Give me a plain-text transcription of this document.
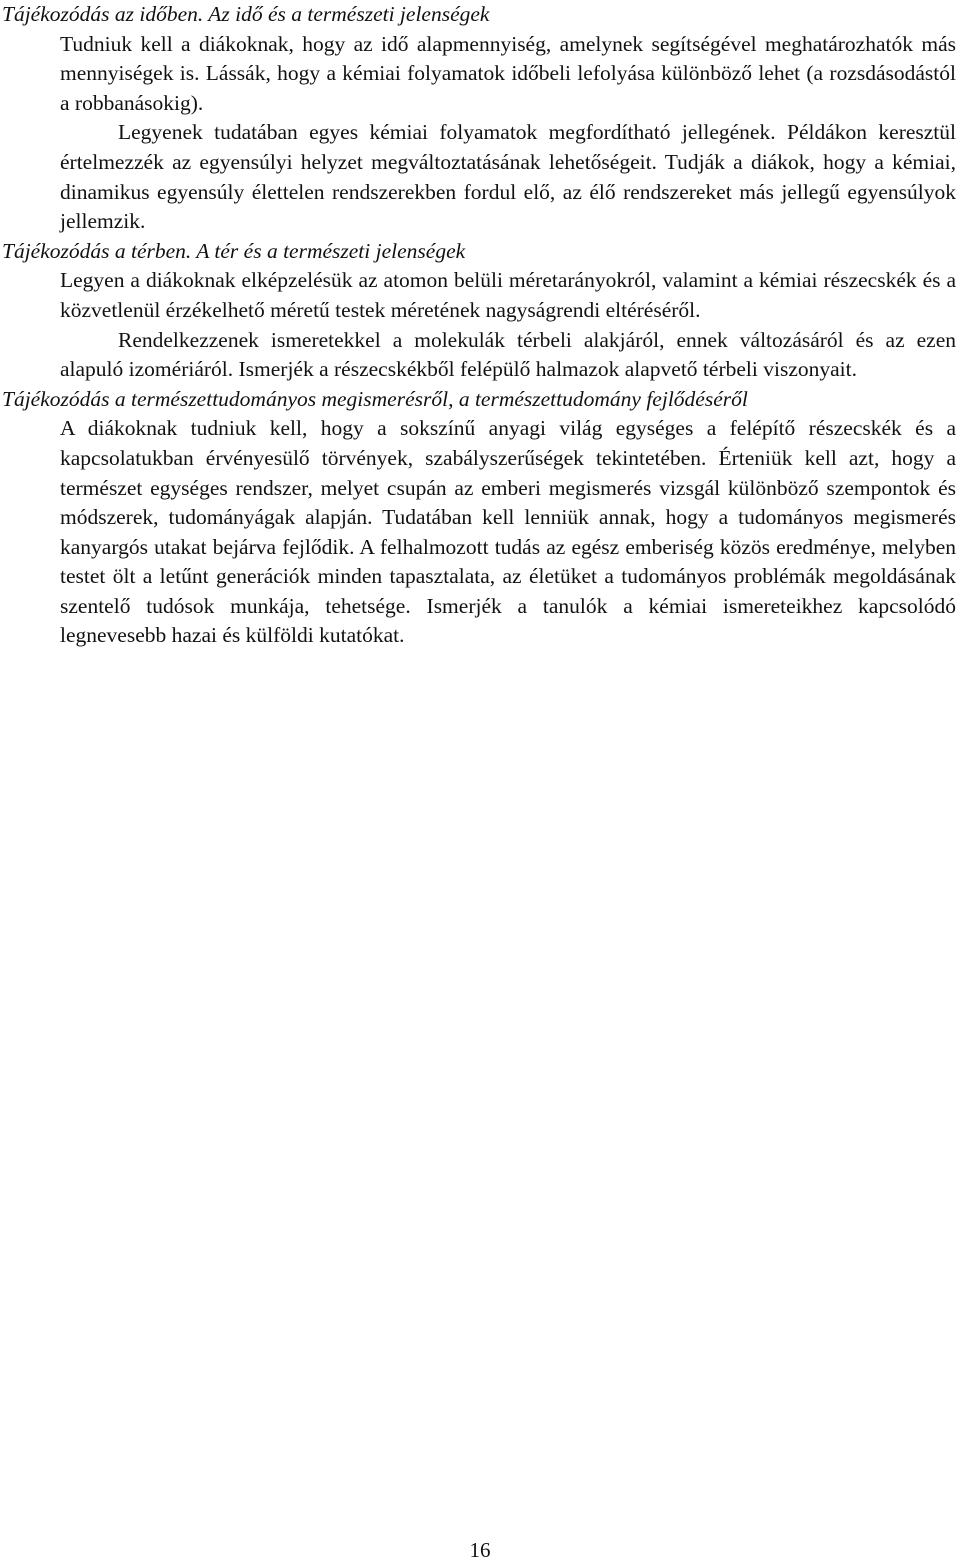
Tájékozódás az időben. Az idő és a természeti jelenségek

Tudniuk kell a diákoknak, hogy az idő alapmennyiség, amelynek segítségével meghatározhatók más mennyiségek is. Lássák, hogy a kémiai folyamatok időbeli lefolyása különböző lehet (a rozsdásodástól a robbanásokig).

Legyenek tudatában egyes kémiai folyamatok megfordítható jellegének. Példákon keresztül értelmezzék az egyensúlyi helyzet megváltoztatásának lehetőségeit. Tudják a diákok, hogy a kémiai, dinamikus egyensúly élettelen rendszerekben fordul elő, az élő rendszereket más jellegű egyensúlyok jellemzik.

Tájékozódás a térben. A tér és a természeti jelenségek

Legyen a diákoknak elképzelésük az atomon belüli méretarányokról, valamint a kémiai részecskék és a közvetlenül érzékelhető méretű testek méretének nagyságrendi eltéréséről.

Rendelkezzenek ismeretekkel a molekulák térbeli alakjáról, ennek változásáról és az ezen alapuló izomériáról. Ismerjék a részecskékből felépülő halmazok alapvető térbeli viszonyait.

Tájékozódás a természettudományos megismerésről, a természettudomány fejlődéséről

A diákoknak tudniuk kell, hogy a sokszínű anyagi világ egységes a felépítő részecskék és a kapcsolatukban érvényesülő törvények, szabályszerűségek tekintetében. Érteniük kell azt, hogy a természet egységes rendszer, melyet csupán az emberi megismerés vizsgál különböző szempontok és módszerek, tudományágak alapján. Tudatában kell lenniük annak, hogy a tudományos megismerés kanyargós utakat bejárva fejlődik. A felhalmozott tudás az egész emberiség közös eredménye, melyben testet ölt a letűnt generációk minden tapasztalata, az életüket a tudományos problémák megoldásának szentelő tudósok munkája, tehetsége. Ismerjék a tanulók a kémiai ismereteikhez kapcsolódó legnevesebb hazai és külföldi kutatókat.

16
